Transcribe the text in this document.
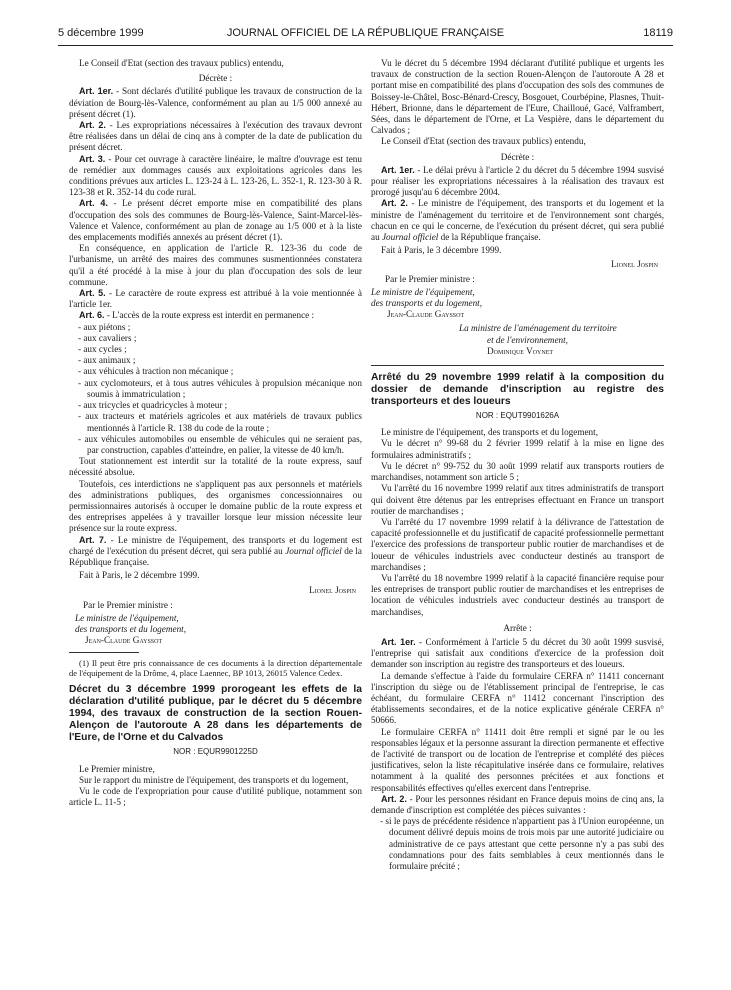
5 décembre 1999	JOURNAL OFFICIEL DE LA RÉPUBLIQUE FRANÇAISE	18119

Le Conseil d'Etat (section des travaux publics) entendu,

Décrète :

Art. 1er. - Sont déclarés d'utilité publique les travaux de construction de la déviation de Bourg-lès-Valence, conformément au plan au 1/5 000 annexé au présent décret (1).

Art. 2. - Les expropriations nécessaires à l'exécution des travaux devront être réalisées dans un délai de cinq ans à compter de la date de publication du présent décret.

Art. 3. - Pour cet ouvrage à caractère linéaire, le maître d'ouvrage est tenu de remédier aux dommages causés aux exploitations agricoles dans les conditions prévues aux articles L. 123-24 à L. 123-26, L. 352-1, R. 123-30 à R. 123-38 et R. 352-14 du code rural.

Art. 4. - Le présent décret emporte mise en compatibilité des plans d'occupation des sols des communes de Bourg-lès-Valence, Saint-Marcel-lès-Valence et Valence, conformément au plan de zonage au 1/5 000 et à la liste des emplacements modifiés annexés au présent décret (1).

En conséquence, en application de l'article R. 123-36 du code de l'urbanisme, un arrêté des maires des communes susmentionnées constatera qu'il a été procédé à la mise à jour du plan d'occupation des sols de leur commune.

Art. 5. - Le caractère de route express est attribué à la voie mentionnée à l'article 1er.

Art. 6. - L'accès de la route express est interdit en permanence :

- aux piétons ;

- aux cavaliers ;

- aux cycles ;

- aux animaux ;

- aux véhicules à traction non mécanique ;

- aux cyclomoteurs, et à tous autres véhicules à propulsion mécanique non soumis à immatriculation ;

- aux tricycles et quadricycles à moteur ;

- aux tracteurs et matériels agricoles et aux matériels de travaux publics mentionnés à l'article R. 138 du code de la route ;

- aux véhicules automobiles ou ensemble de véhicules qui ne seraient pas, par construction, capables d'atteindre, en palier, la vitesse de 40 km/h.

Tout stationnement est interdit sur la totalité de la route express, sauf nécessité absolue.

Toutefois, ces interdictions ne s'appliquent pas aux personnels et matériels des administrations publiques, des organismes concessionnaires ou permissionnaires autorisés à occuper le domaine public de la route express et des entreprises appelées à y travailler lorsque leur mission nécessite leur présence sur la route express.

Art. 7. - Le ministre de l'équipement, des transports et du logement est chargé de l'exécution du présent décret, qui sera publié au Journal officiel de la République française.

Fait à Paris, le 2 décembre 1999.

Lionel Jospin

Par le Premier ministre :

Le ministre de l'équipement,

des transports et du logement,

Jean-Claude Gayssot

(1) Il peut être pris connaissance de ces documents à la direction départementale de l'équipement de la Drôme, 4, place Laennec, BP 1013, 26015 Valence Cedex.

Décret du 3 décembre 1999 prorogeant les effets de la déclaration d'utilité publique, par le décret du 5 décembre 1994, des travaux de construction de la section Rouen-Alençon de l'autoroute A 28 dans les départements de l'Eure, de l'Orne et du Calvados

NOR : EQUR9901225D

Le Premier ministre,

Sur le rapport du ministre de l'équipement, des transports et du logement,

Vu le code de l'expropriation pour cause d'utilité publique, notamment son article L. 11-5 ;

Vu le décret du 5 décembre 1994 déclarant d'utilité publique et urgents les travaux de construction de la section Rouen-Alençon de l'autoroute A 28 et portant mise en compatibilité des plans d'occupation des sols des communes de Boissey-le-Châtel, Bosc-Bénard-Crescy, Bosgouet, Courbépine, Plasnes, Thuit-Hébert, Brionne, dans le département de l'Eure, Chailloué, Gacé, Valframbert, Sées, dans le département de l'Orne, et La Vespière, dans le département du Calvados ;

Le Conseil d'Etat (section des travaux publics) entendu,

Décrète :

Art. 1er. - Le délai prévu à l'article 2 du décret du 5 décembre 1994 susvisé pour réaliser les expropriations nécessaires à la réalisation des travaux est prorogé jusqu'au 6 décembre 2004.

Art. 2. - Le ministre de l'équipement, des transports et du logement et la ministre de l'aménagement du territoire et de l'environnement sont chargés, chacun en ce qui le concerne, de l'exécution du présent décret, qui sera publié au Journal officiel de la République française.

Fait à Paris, le 3 décembre 1999.

Lionel Jospin

Par le Premier ministre :

Le ministre de l'équipement,

des transports et du logement,

Jean-Claude Gayssot

La ministre de l'aménagement du territoire

et de l'environnement,

Dominique Voynet

Arrêté du 29 novembre 1999 relatif à la composition du dossier de demande d'inscription au registre des transporteurs et des loueurs

NOR : EQUT9901626A

Le ministre de l'équipement, des transports et du logement,

Vu le décret n° 99-68 du 2 février 1999 relatif à la mise en ligne des formulaires administratifs ;

Vu le décret n° 99-752 du 30 août 1999 relatif aux transports routiers de marchandises, notamment son article 5 ;

Vu l'arrêté du 16 novembre 1999 relatif aux titres administratifs de transport qui doivent être détenus par les entreprises effectuant en France un transport routier de marchandises ;

Vu l'arrêté du 17 novembre 1999 relatif à la délivrance de l'attestation de capacité professionnelle et du justificatif de capacité professionnelle permettant l'exercice des professions de transporteur public routier de marchandises et de loueur de véhicules industriels avec conducteur destinés au transport de marchandises ;

Vu l'arrêté du 18 novembre 1999 relatif à la capacité financière requise pour les entreprises de transport public routier de marchandises et les entreprises de location de véhicules industriels avec conducteur destinés au transport de marchandises,

Arrête :

Art. 1er. - Conformément à l'article 5 du décret du 30 août 1999 susvisé, l'entreprise qui satisfait aux conditions d'exercice de la profession doit demander son inscription au registre des transporteurs et des loueurs.

La demande s'effectue à l'aide du formulaire CERFA n° 11411 concernant l'inscription du siège ou de l'établissement principal de l'entreprise, le cas échéant, du formulaire CERFA n° 11412 concernant l'inscription des établissements secondaires, et de la notice explicative générale CERFA n° 50666.

Le formulaire CERFA n° 11411 doit être rempli et signé par le ou les responsables légaux et la personne assurant la direction permanente et effective de l'activité de transport ou de location de l'entreprise et complété des pièces justificatives, selon la liste récapitulative insérée dans ce formulaire, relatives notamment à la qualité des personnes précitées et aux fonctions et responsabilités effectives qu'elles exercent dans l'entreprise.

Art. 2. - Pour les personnes résidant en France depuis moins de cinq ans, la demande d'inscription est complétée des pièces suivantes :

- si le pays de précédente résidence n'appartient pas à l'Union européenne, un document délivré depuis moins de trois mois par une autorité judiciaire ou administrative de ce pays attestant que cette personne n'y a pas subi des condamnations pour des faits semblables à ceux mentionnés dans le formulaire précité ;
